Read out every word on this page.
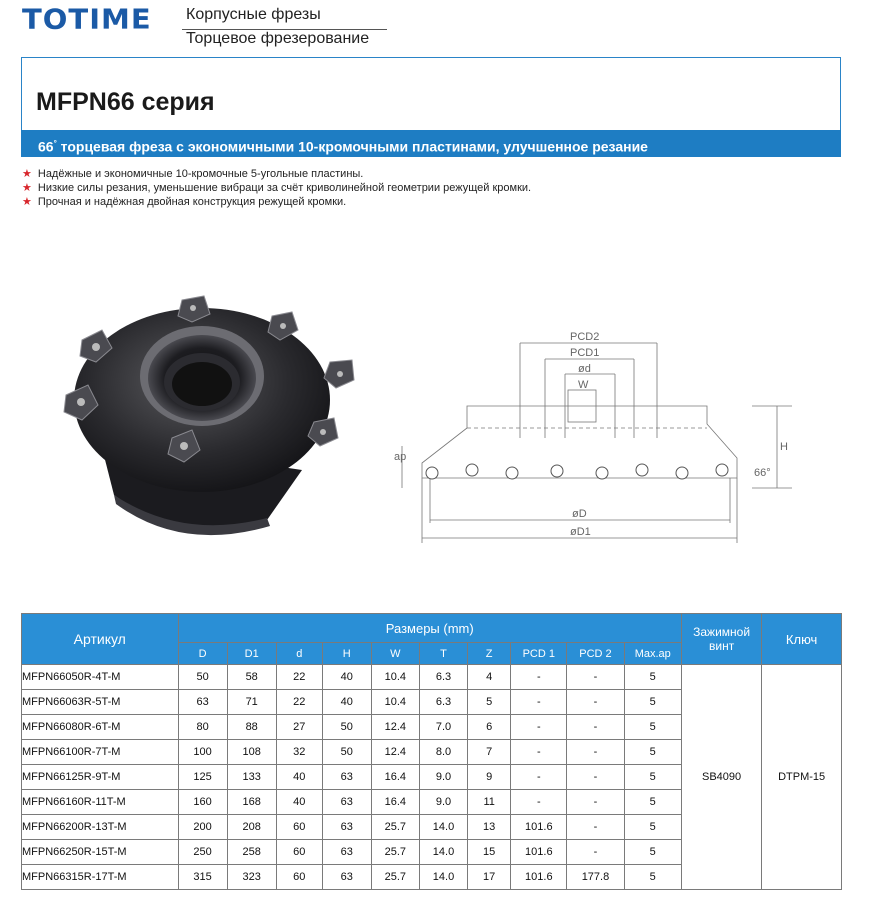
TOTIME Корпусные фрезы
Торцевое фрезерование
MFPN66 серия
66° торцевая фреза с экономичными 10-кромочными пластинами, улучшенное резание
★ Надёжные и экономичные 10-кромочные 5-угольные пластины.
★ Низкие силы резания, уменьшение вибраци за счёт криволинейной геометрии режущей кромки.
★ Прочная и надёжная двойная конструкция режущей кромки.
PCD2
PCD1
ød
W
H
ap
66°
øD
øD1
Артикул	Размеры (mm)										Зажимной винт	Ключ
	D	D1	d	H	W	T	Z	PCD 1	PCD 2	Max.ap		
MFPN66050R-4T-M	50	58	22	40	10.4	6.3	4	-	-	5	SB4090	DTPM-15
MFPN66063R-5T-M	63	71	22	40	10.4	6.3	5	-	-	5		
MFPN66080R-6T-M	80	88	27	50	12.4	7.0	6	-	-	5		
MFPN66100R-7T-M	100	108	32	50	12.4	8.0	7	-	-	5		
MFPN66125R-9T-M	125	133	40	63	16.4	9.0	9	-	-	5		
MFPN66160R-11T-M	160	168	40	63	16.4	9.0	11	-	-	5		
MFPN66200R-13T-M	200	208	60	63	25.7	14.0	13	101.6	-	5		
MFPN66250R-15T-M	250	258	60	63	25.7	14.0	15	101.6	-	5		
MFPN66315R-17T-M	315	323	60	63	25.7	14.0	17	101.6	177.8	5		
